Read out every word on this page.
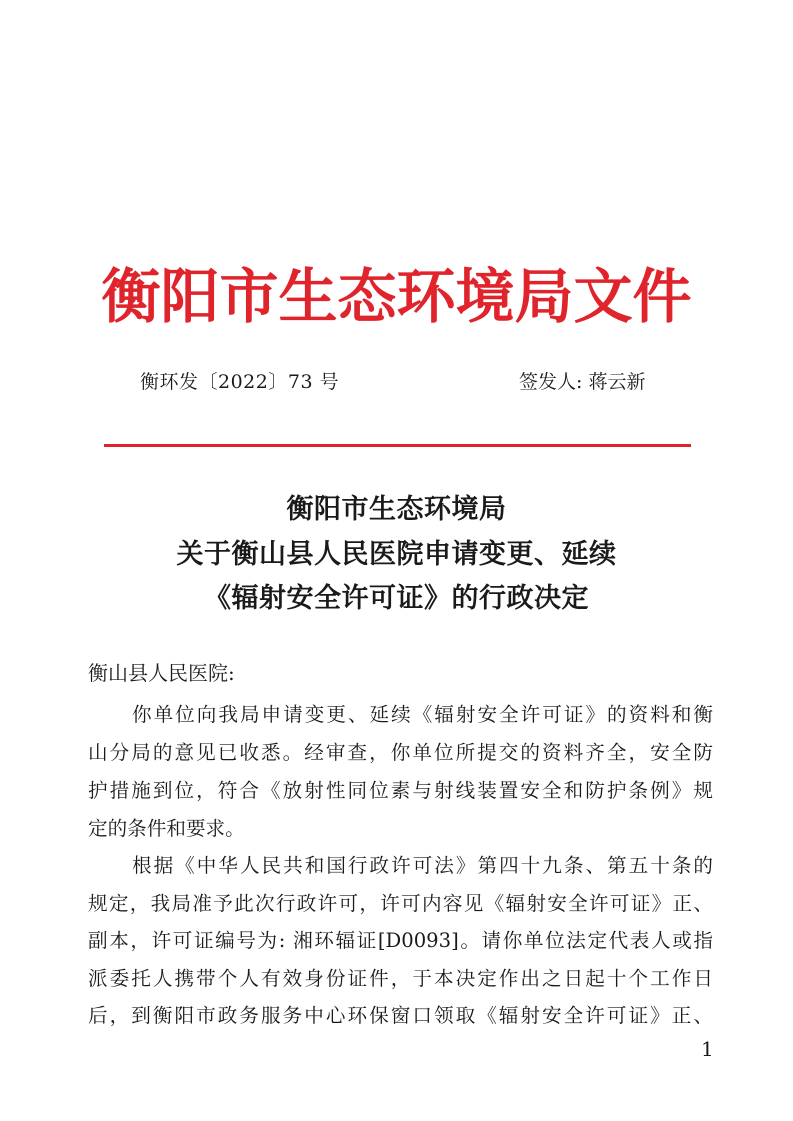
衡阳市生态环境局文件
衡环发〔2022〕73 号	签发人: 蒋云新
衡阳市生态环境局
关于衡山县人民医院申请变更、延续
《辐射安全许可证》的行政决定
衡山县人民医院:
你单位向我局申请变更、延续《辐射安全许可证》的资料和衡
山分局的意见已收悉。经审查，你单位所提交的资料齐全，安全防
护措施到位，符合《放射性同位素与射线装置安全和防护条例》规
定的条件和要求。
根据《中华人民共和国行政许可法》第四十九条、第五十条的
规定，我局准予此次行政许可，许可内容见《辐射安全许可证》正、
副本，许可证编号为: 湘环辐证[D0093]。请你单位法定代表人或指
派委托人携带个人有效身份证件，于本决定作出之日起十个工作日
后，到衡阳市政务服务中心环保窗口领取《辐射安全许可证》正、
1
